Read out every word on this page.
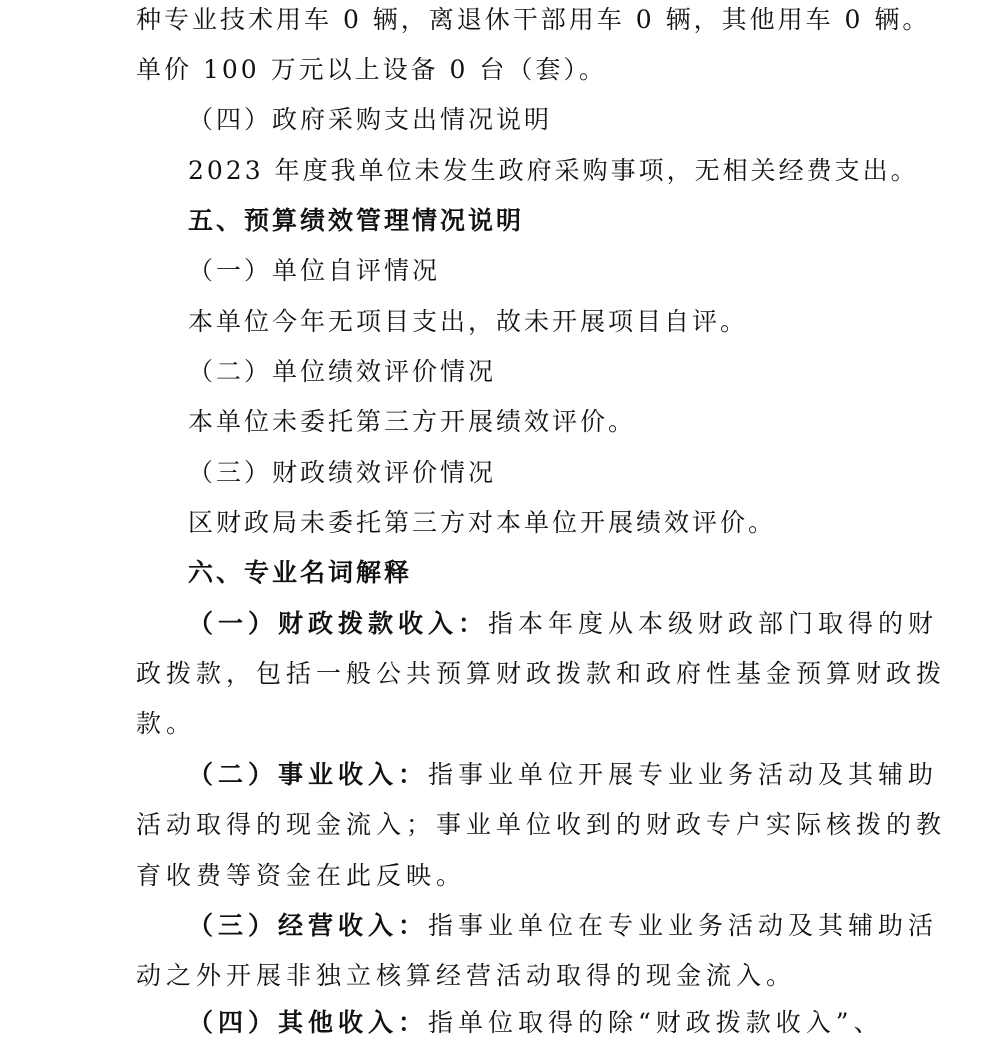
种专业技术用车 0 辆，离退休干部用车 0 辆，其他用车 0 辆。
单价 100 万元以上设备 0 台（套）。
（四）政府采购支出情况说明
2023 年度我单位未发生政府采购事项，无相关经费支出。
五、预算绩效管理情况说明
（一）单位自评情况
本单位今年无项目支出，故未开展项目自评。
（二）单位绩效评价情况
本单位未委托第三方开展绩效评价。
（三）财政绩效评价情况
区财政局未委托第三方对本单位开展绩效评价。
六、专业名词解释
（一）财政拨款收入：指本年度从本级财政部门取得的财
政拨款，包括一般公共预算财政拨款和政府性基金预算财政拨
款。
（二）事业收入：指事业单位开展专业业务活动及其辅助
活动取得的现金流入；事业单位收到的财政专户实际核拨的教
育收费等资金在此反映。
（三）经营收入：指事业单位在专业业务活动及其辅助活
动之外开展非独立核算经营活动取得的现金流入。
（四）其他收入：指单位取得的除“财政拨款收入”、
